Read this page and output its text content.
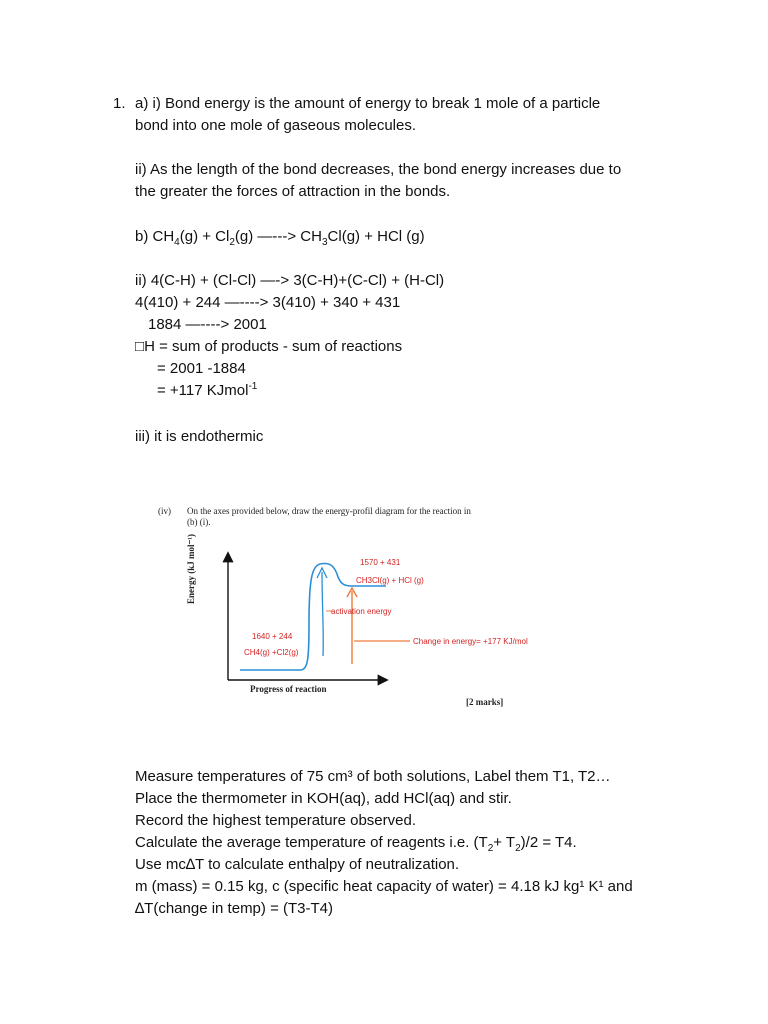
1. a) i) Bond energy is the amount of energy to break 1 mole of a particle
bond into one mole of gaseous molecules.
ii) As the length of the bond decreases, the bond energy increases due to
the greater the forces of attraction in the bonds.
b) $CH_4(g) + Cl_2(g)$ —---> $CH_3Cl(g)$ + HCl (g)
ii) 4(C-H) + (Cl-Cl) —-> 3(C-H)+(C-Cl) + (H-Cl)
4(410) + 244 —----> 3(410) + 340 + 431
1884 —----> 2001
□H = sum of products - sum of reactions
= 2001 -1884
= +117 KJmol$^{-1}$
iii) it is endothermic
(iv) On the axes provided below, draw the energy-profil diagram for the reaction in
(b) (i).
Energy (kJ mol⁻¹)
Progress of reaction
[2 marks]
1570 + 431
CH3Cl(g) + HCl (g)
activation energy
1640 + 244
CH4(g) +Cl2(g)
Change in energy= +177 KJ/mol
Measure temperatures of 75 cm³ of both solutions, Label them T1, T2…
Place the thermometer in KOH(aq), add HCl(aq) and stir.
Record the highest temperature observed.
Calculate the average temperature of reagents i.e. $(T_2+ T_2)/2 = T4$.
Use mc∆T to calculate enthalpy of neutralization.
m (mass) = 0.15 kg, c (specific heat capacity of water) = 4.18 kJ kg¹ K¹ and
∆T(change in temp) = (T3-T4)
